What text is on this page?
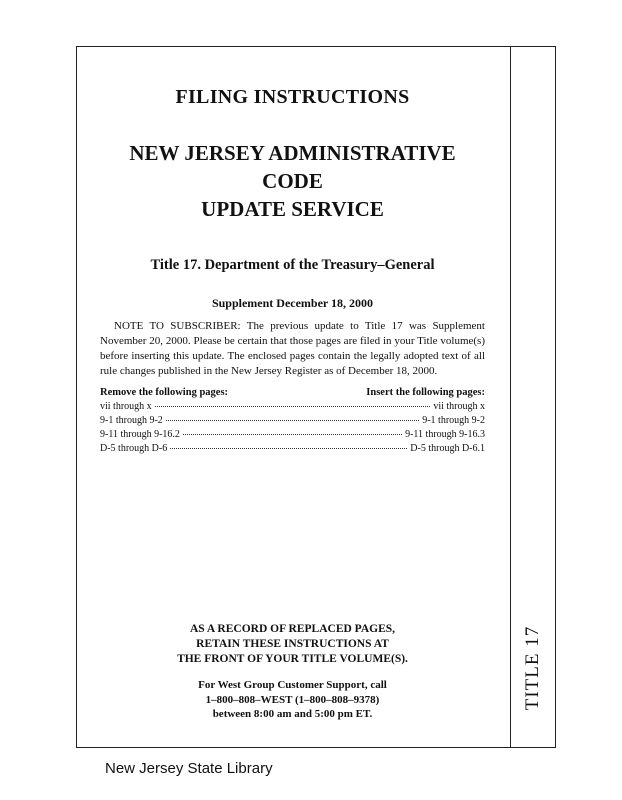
TITLE 17
FILING INSTRUCTIONS
NEW JERSEY ADMINISTRATIVE CODE
UPDATE SERVICE
Title 17. Department of the Treasury–General
Supplement December 18, 2000

NOTE TO SUBSCRIBER: The previous update to Title 17 was Supplement November 20, 2000. Please be certain that those pages are filed in your Title volume(s) before inserting this update. The enclosed pages contain the legally adopted text of all rule changes published in the New Jersey Register as of December 18, 2000.

Remove the following pages:	Insert the following pages:
vii through x	vii through x
9-1 through 9-2	9-1 through 9-2
9-11 through 9-16.2	9-11 through 9-16.3
D-5 through D-6	D-5 through D-6.1
AS A RECORD OF REPLACED PAGES,
RETAIN THESE INSTRUCTIONS AT
THE FRONT OF YOUR TITLE VOLUME(S).
For West Group Customer Support, call
1–800–808–WEST (1–800–808–9378)
between 8:00 am and 5:00 pm ET.
New Jersey State Library
